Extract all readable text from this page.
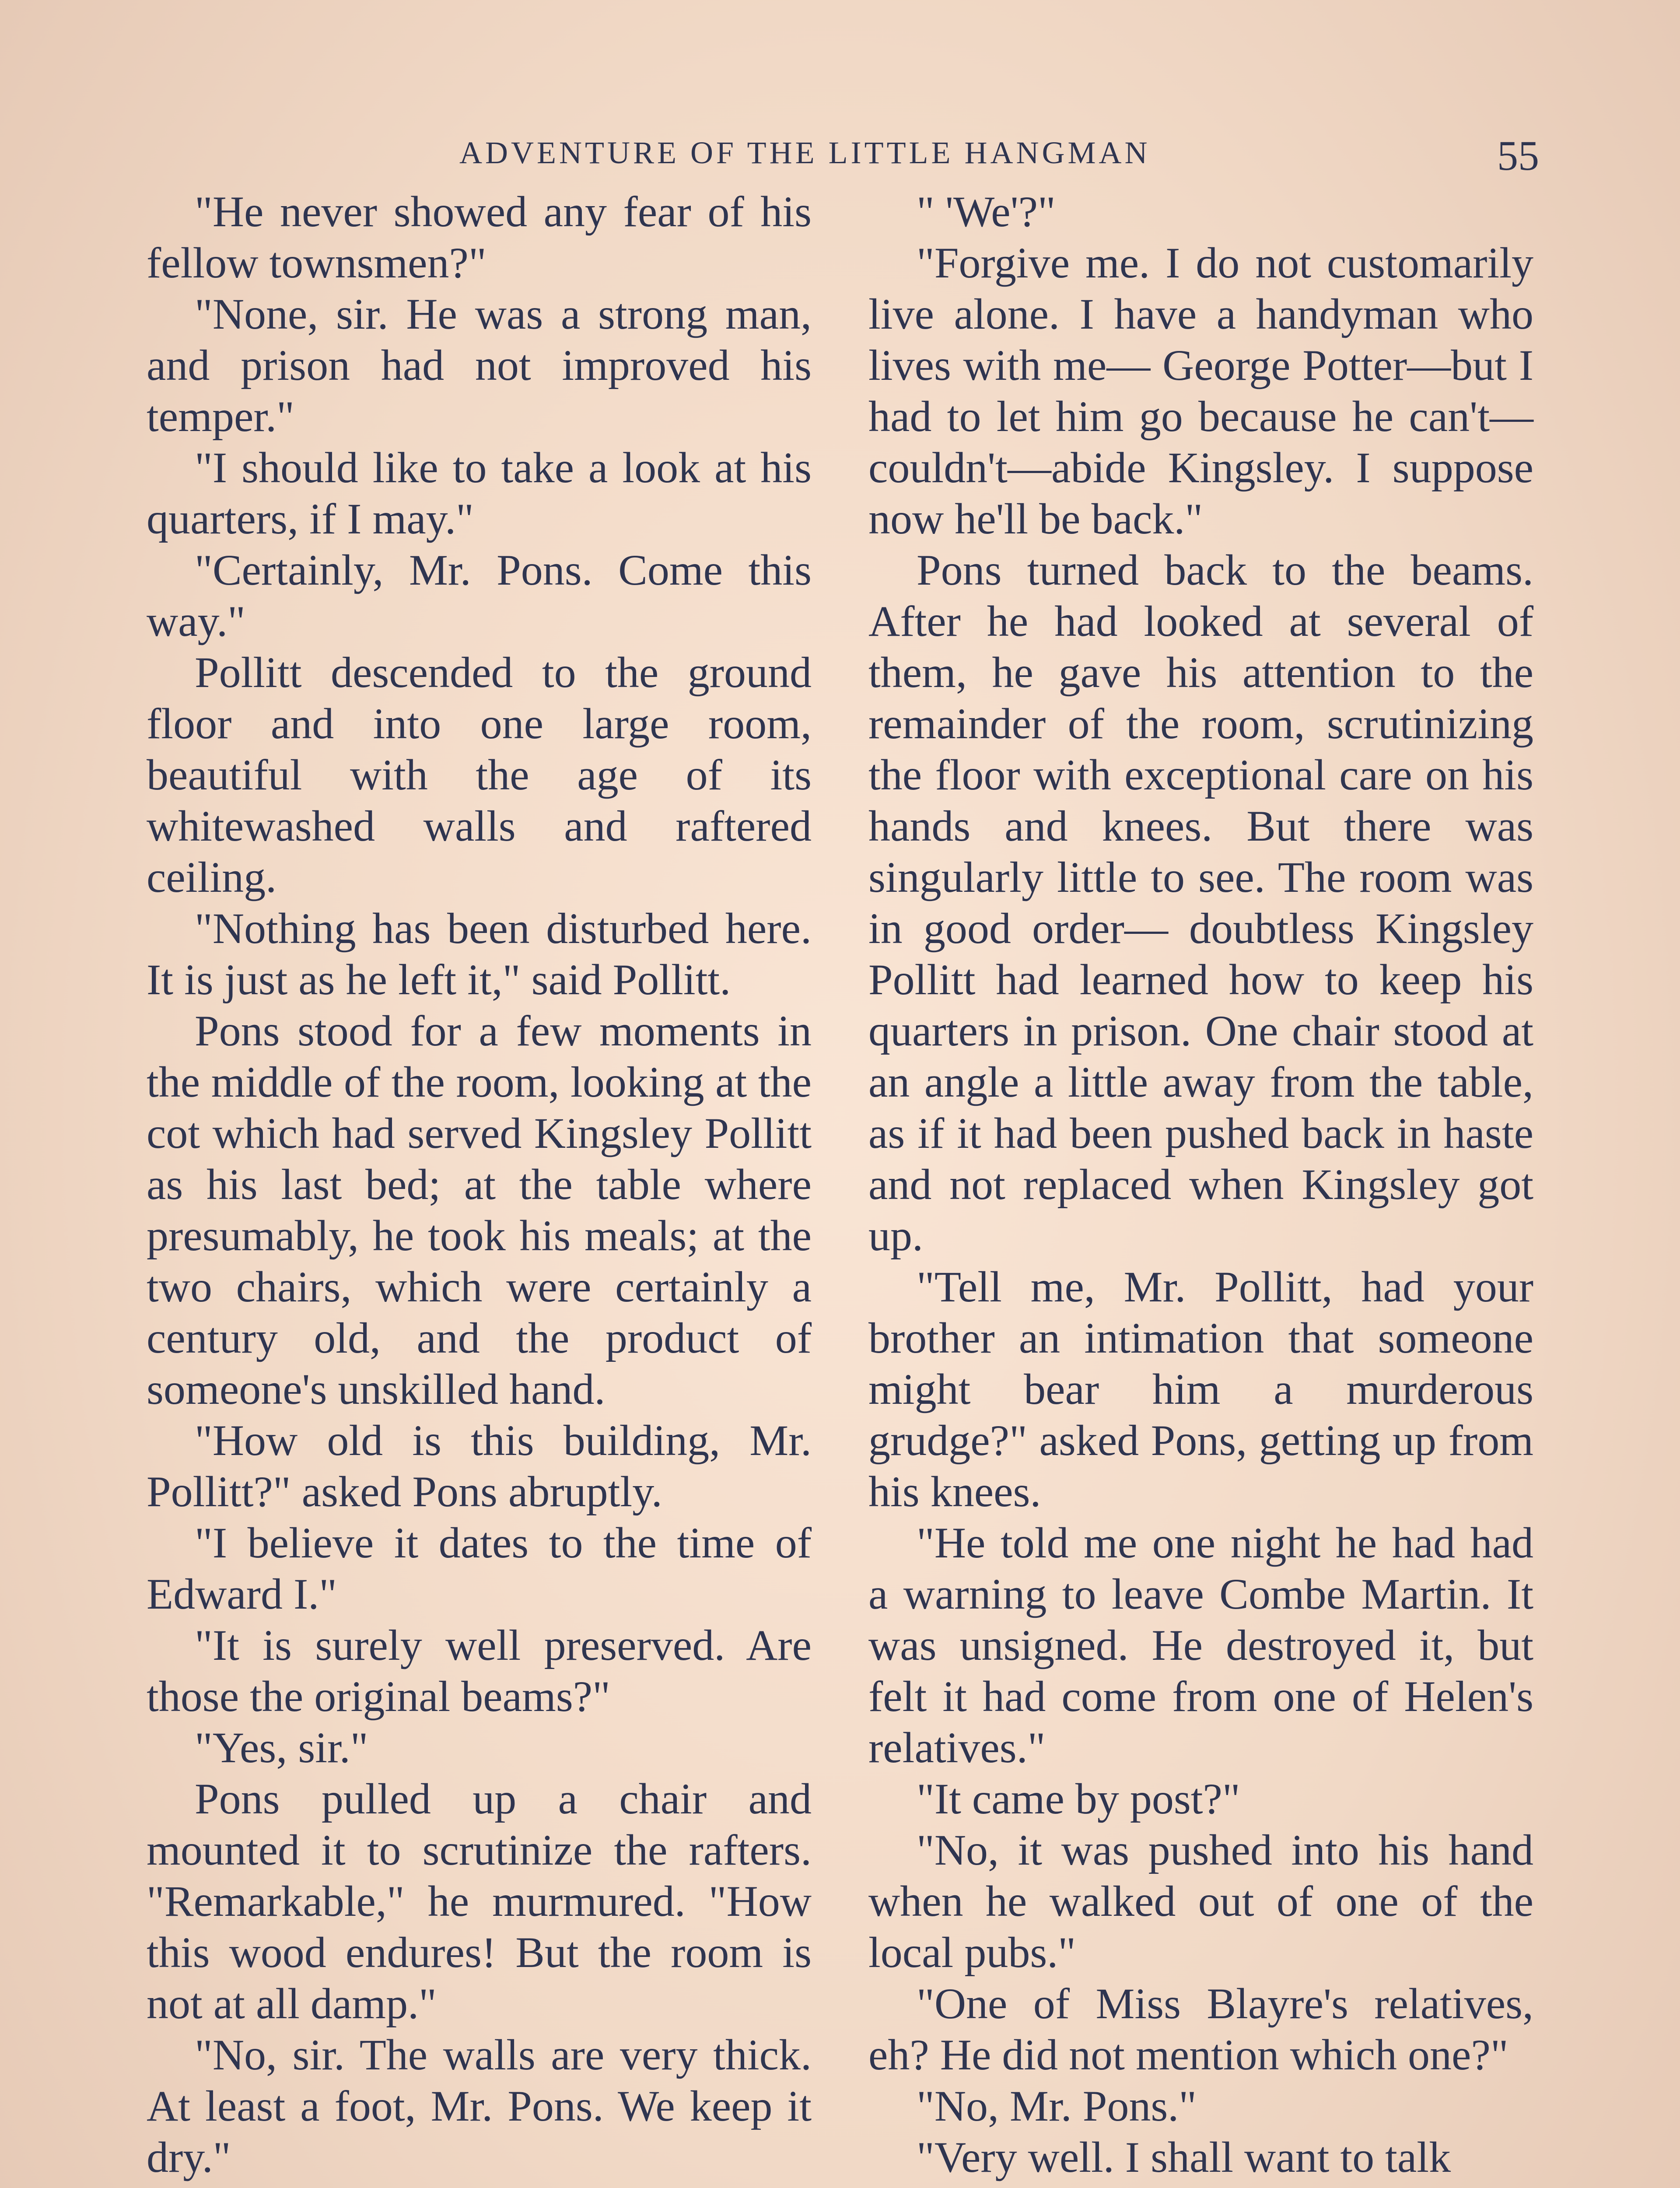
ADVENTURE OF THE LITTLE HANGMAN	55

"He never showed any fear of his fellow townsmen?"

"None, sir. He was a strong man, and prison had not improved his temper."

"I should like to take a look at his quarters, if I may."

"Certainly, Mr. Pons. Come this way."

Pollitt descended to the ground floor and into one large room, beautiful with the age of its whitewashed walls and raftered ceiling.

"Nothing has been disturbed here. It is just as he left it," said Pollitt.

Pons stood for a few moments in the middle of the room, looking at the cot which had served Kingsley Pollitt as his last bed; at the table where presumably, he took his meals; at the two chairs, which were certainly a century old, and the product of someone's unskilled hand.

"How old is this building, Mr. Pollitt?" asked Pons abruptly.

"I believe it dates to the time of Edward I."

"It is surely well preserved. Are those the original beams?"

"Yes, sir."

Pons pulled up a chair and mounted it to scrutinize the rafters. "Remarkable," he murmured. "How this wood endures! But the room is not at all damp."

"No, sir. The walls are very thick. At least a foot, Mr. Pons. We keep it dry."

" 'We'?"

"Forgive me. I do not customarily live alone. I have a handyman who lives with me— George Potter—but I had to let him go because he can't— couldn't—abide Kingsley. I suppose now he'll be back."

Pons turned back to the beams. After he had looked at several of them, he gave his attention to the remainder of the room, scrutinizing the floor with exceptional care on his hands and knees. But there was singularly little to see. The room was in good order— doubtless Kingsley Pollitt had learned how to keep his quarters in prison. One chair stood at an angle a little away from the table, as if it had been pushed back in haste and not replaced when Kingsley got up.

"Tell me, Mr. Pollitt, had your brother an intimation that someone might bear him a murderous grudge?" asked Pons, getting up from his knees.

"He told me one night he had had a warning to leave Combe Martin. It was unsigned. He destroyed it, but felt it had come from one of Helen's relatives."

"It came by post?"

"No, it was pushed into his hand when he walked out of one of the local pubs."

"One of Miss Blayre's relatives, eh? He did not mention which one?"

"No, Mr. Pons."

"Very well. I shall want to talk
